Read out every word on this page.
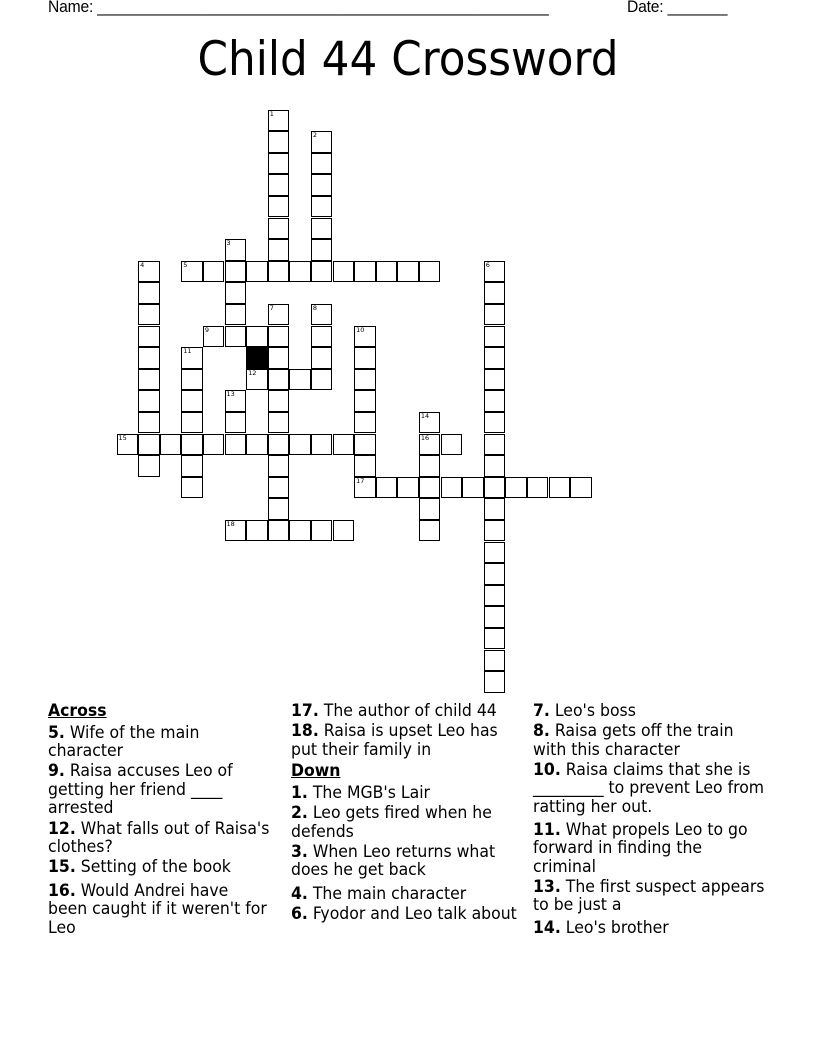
Name: _____________________________________________________	Date: _______
Child 44 Crossword
1
2
3
4	5	6
7	8
9	10
17
11
12
13
14
16
15
18
Across
5. Wife of the main character
9. Raisa accuses Leo of getting her friend ____ arrested
12. What falls out of Raisa's clothes?
15. Setting of the book
16. Would Andrei have been caught if it weren't for Leo
17. The author of child 44
18. Raisa is upset Leo has put their family in
Down
1. The MGB's Lair
2. Leo gets fired when he defends
3. When Leo returns what does he get back
4. The main character
6. Fyodor and Leo talk about
7. Leo's boss
8. Raisa gets off the train with this character
10. Raisa claims that she is _________ to prevent Leo from ratting her out.
11. What propels Leo to go forward in finding the criminal
13. The first suspect appears to be just a
14. Leo's brother
